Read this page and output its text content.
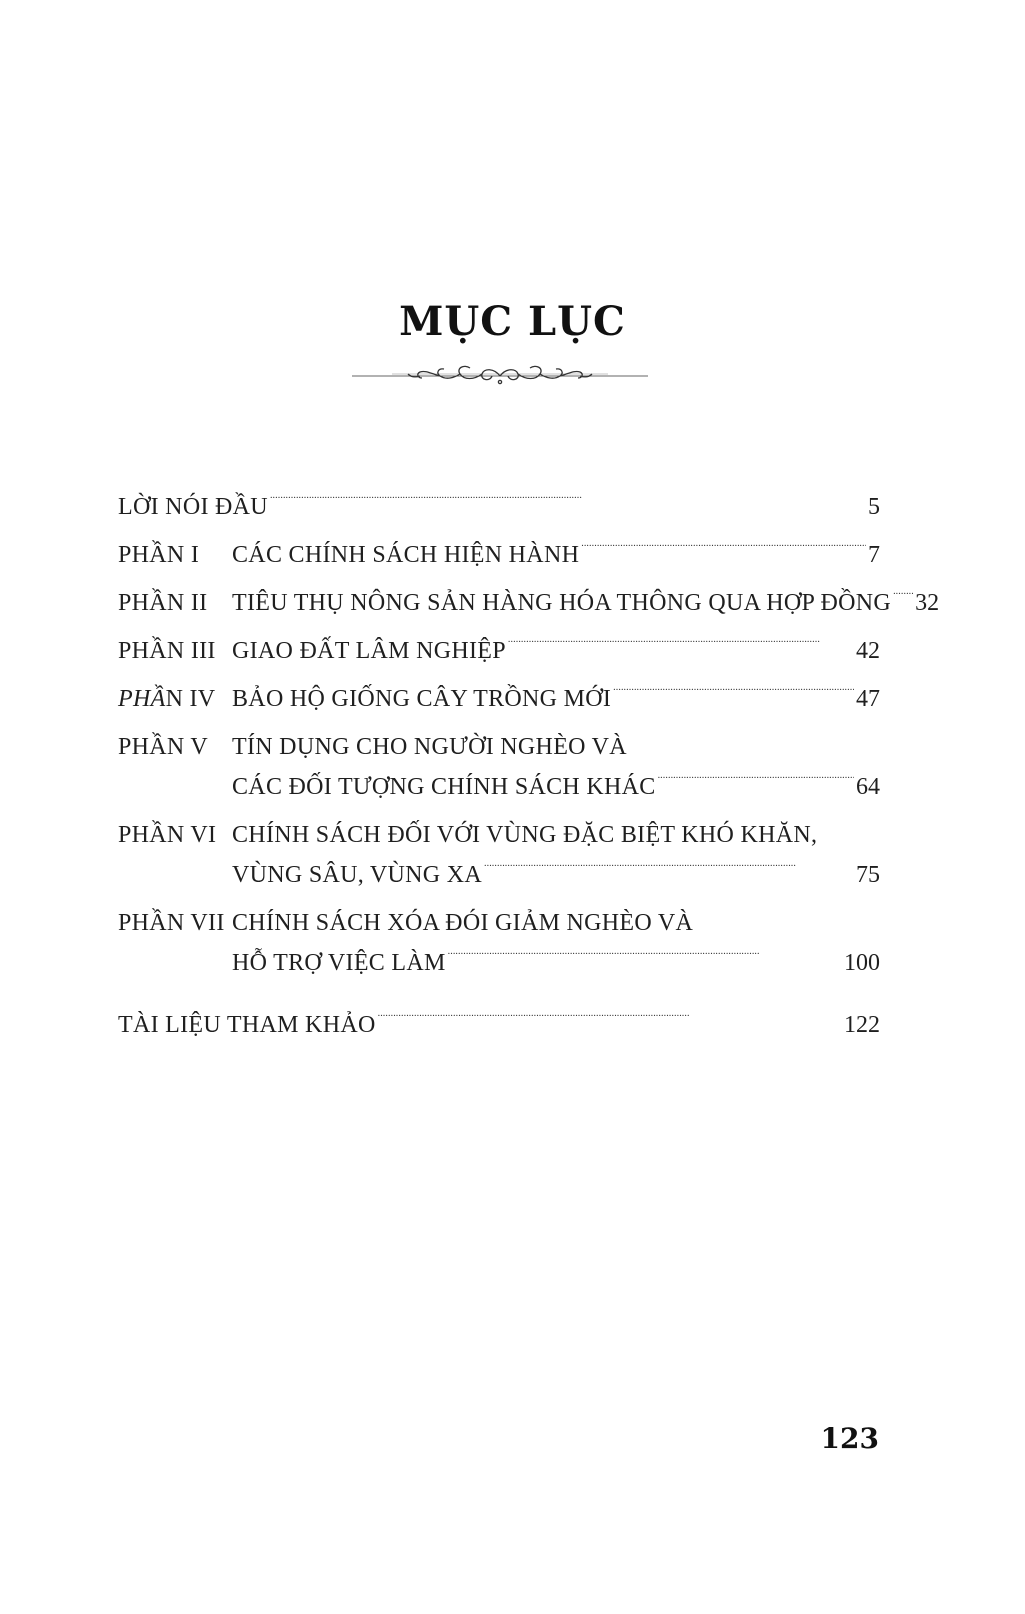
MỤC LỤC
LỜI NÓI ĐẦU . . .	5
PHẦN I	CÁC CHÍNH SÁCH HIỆN HÀNH . . .	7
PHẦN II	TIÊU THỤ NÔNG SẢN HÀNG HÓA THÔNG QUA HỢP ĐỒNG . . . 32
PHẦN III GIAO ĐẤT LÂM NGHIỆP . . .	42
PHẦN IV BẢO HỘ GIỐNG CÂY TRỒNG MỚI . . .	47
PHẦN V TÍN DỤNG CHO NGƯỜI NGHÈO VÀ
CÁC ĐỐI TƯỢNG CHÍNH SÁCH KHÁC . . .	64
PHẦN VI CHÍNH SÁCH ĐỐI VỚI VÙNG ĐẶC BIỆT KHÓ KHĂN,
VÙNG SÂU, VÙNG XA . . .	75
PHẦN VII CHÍNH SÁCH XÓA ĐÓI GIẢM NGHÈO VÀ
HỖ TRỢ VIỆC LÀM . . .	100
TÀI LIỆU THAM KHẢO . . .	122
123
